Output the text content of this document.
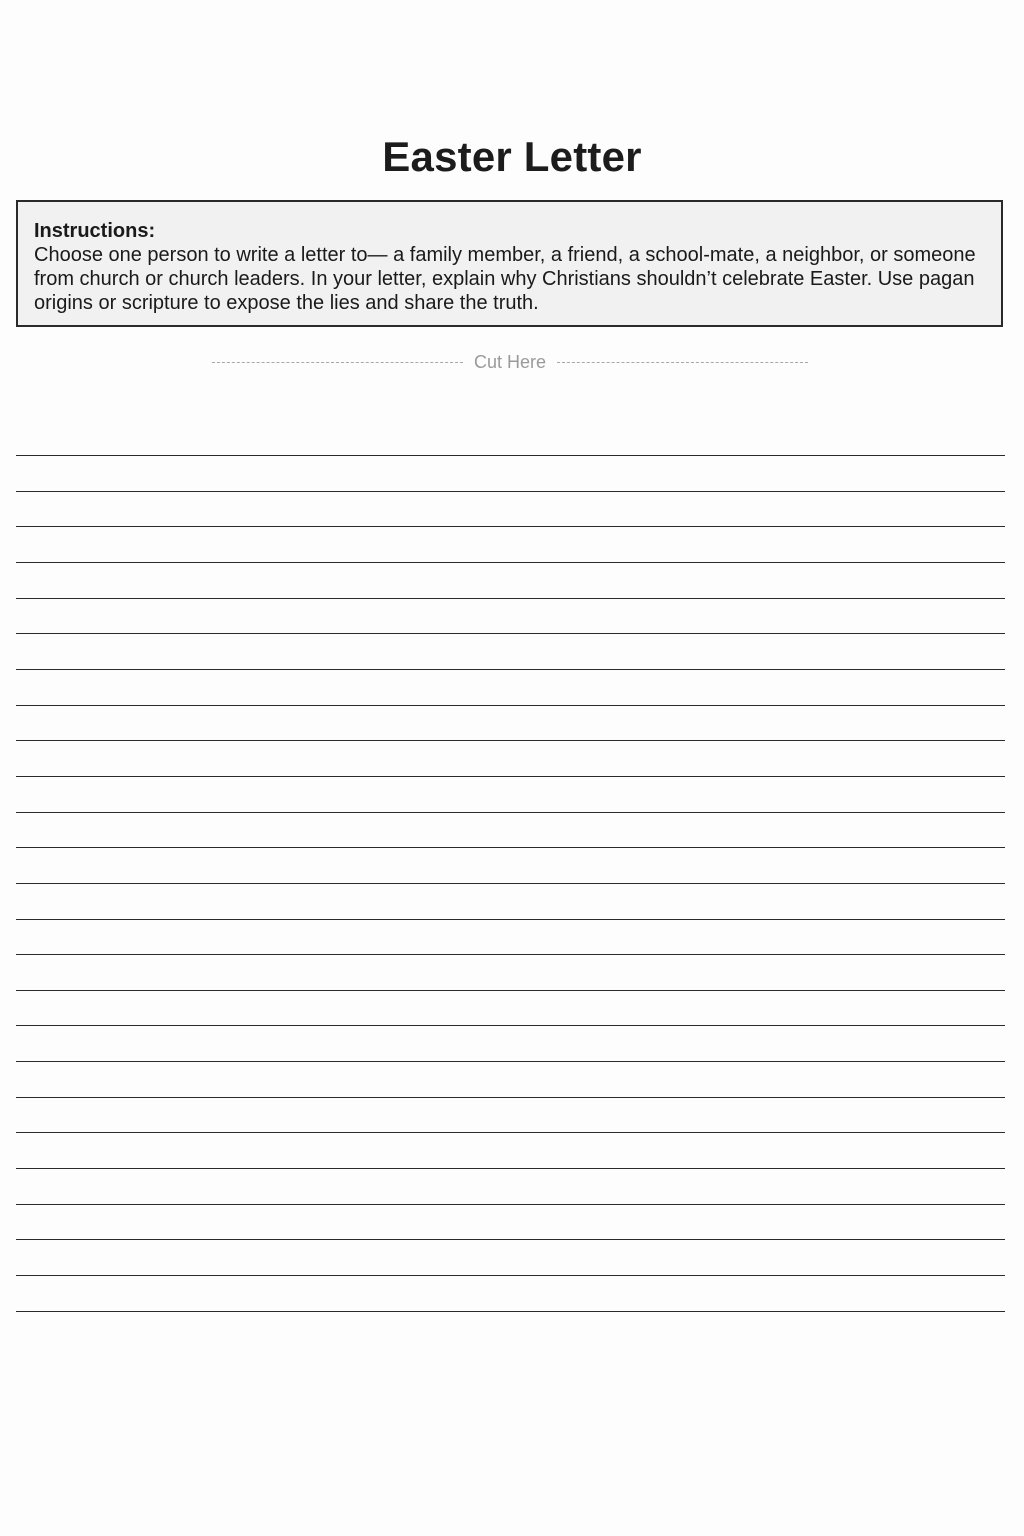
Easter Letter
Instructions:
Choose one person to write a letter to— a family member, a friend, a school-mate, a neighbor, or someone from church or church leaders. In your letter, explain why Christians shouldn’t celebrate Easter. Use pagan origins or scripture to expose the lies and share the truth.
Cut Here
